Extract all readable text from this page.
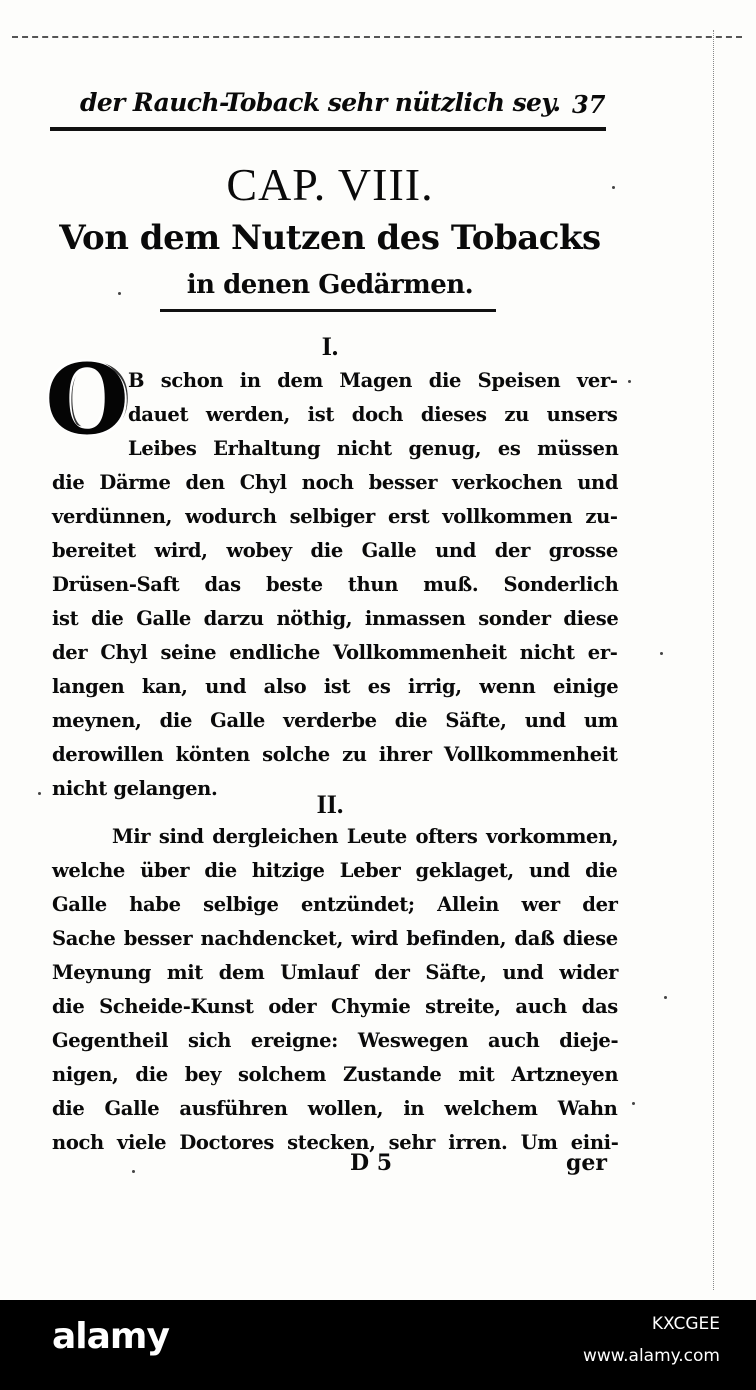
der Rauch-Toback sehr nützlich sey. 37
CAP. VIII.
Von dem Nutzen des Tobacks
in denen Gedärmen.
I.
O B schon in dem Magen die Speisen ver-
dauet werden, ist doch dieses zu unsers
Leibes Erhaltung nicht genug, es müssen
die Därme den Chyl noch besser verkochen und
verdünnen, wodurch selbiger erst vollkommen zu-
bereitet wird, wobey die Galle und der grosse
Drüsen-Saft das beste thun muß. Sonderlich
ist die Galle darzu nöthig, inmassen sonder diese
der Chyl seine endliche Vollkommenheit nicht er-
langen kan, und also ist es irrig, wenn einige
meynen, die Galle verderbe die Säfte, und um
derowillen könten solche zu ihrer Vollkommenheit
nicht gelangen.
II.
Mir sind dergleichen Leute ofters vorkommen,
welche über die hitzige Leber geklaget, und die
Galle habe selbige entzündet; Allein wer der
Sache besser nachdencket, wird befinden, daß diese
Meynung mit dem Umlauf der Säfte, und wider
die Scheide-Kunst oder Chymie streite, auch das
Gegentheil sich ereigne: Weswegen auch dieje-
nigen, die bey solchem Zustande mit Artzneyen
die Galle ausführen wollen, in welchem Wahn
noch viele Doctores stecken, sehr irren. Um eini-
D 5	ger
alamy	KXCGEE
www.alamy.com
